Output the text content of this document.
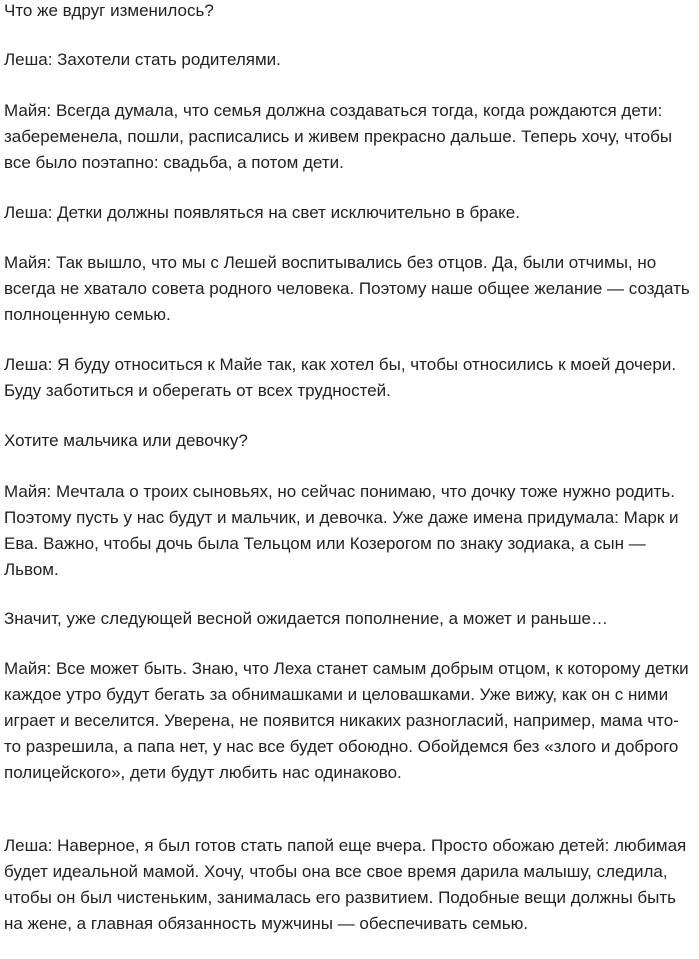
Что же вдруг изменилось?

Леша: Захотели стать родителями.

Майя: Всегда думала, что семья должна создаваться тогда, когда рождаются дети: забеременела, пошли, расписались и живем прекрасно дальше. Теперь хочу, чтобы все было поэтапно: свадьба, а потом дети.

Леша: Детки должны появляться на свет исключительно в браке.

Майя: Так вышло, что мы с Лешей воспитывались без отцов. Да, были отчимы, но всегда не хватало совета родного человека. Поэтому наше общее желание — создать полноценную семью.

Леша: Я буду относиться к Майе так, как хотел бы, чтобы относились к моей дочери. Буду заботиться и оберегать от всех трудностей.

Хотите мальчика или девочку?

Майя: Мечтала о троих сыновьях, но сейчас понимаю, что дочку тоже нужно родить. Поэтому пусть у нас будут и мальчик, и девочка. Уже даже имена придумала: Марк и Ева. Важно, чтобы дочь была Тельцом или Козерогом по знаку зодиака, а сын — Львом.

Значит, уже следующей весной ожидается пополнение, а может и раньше…

Майя: Все может быть. Знаю, что Леха станет самым добрым отцом, к которому детки каждое утро будут бегать за обнимашками и целовашками. Уже вижу, как он с ними играет и веселится. Уверена, не появится никаких разногласий, например, мама что-то разрешила, а папа нет, у нас все будет обоюдно. Обойдемся без «злого и доброго полицейского», дети будут любить нас одинаково.

Леша: Наверное, я был готов стать папой еще вчера. Просто обожаю детей: любимая будет идеальной мамой. Хочу, чтобы она все свое время дарила малышу, следила, чтобы он был чистеньким, занималась его развитием. Подобные вещи должны быть на жене, а главная обязанность мужчины — обеспечивать семью.
